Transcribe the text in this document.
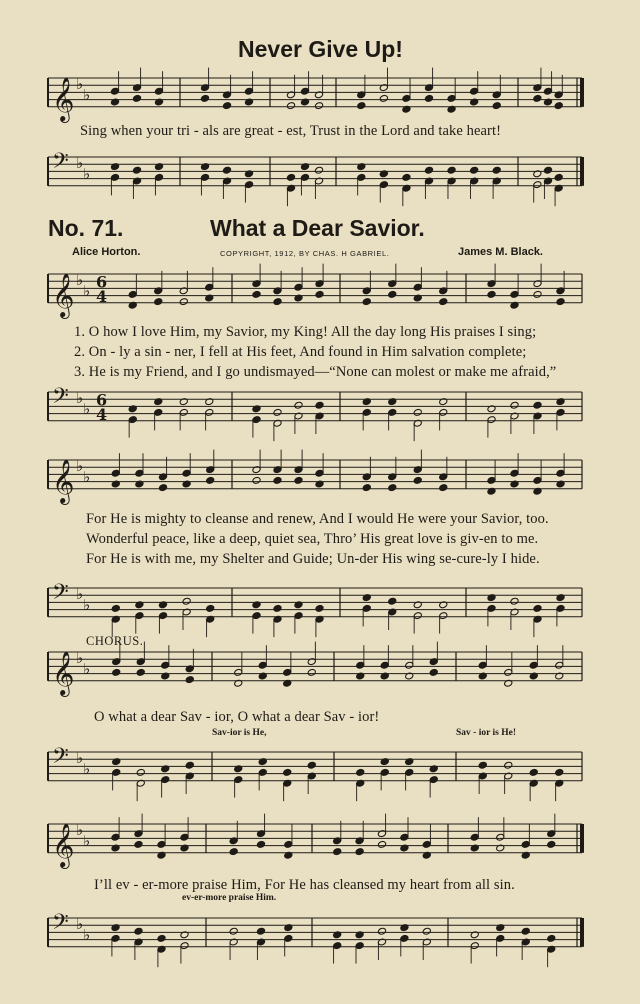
Never Give Up!
𝄞 ♭
♭
Sing when your tri - als are great - est, Trust in the Lord and take heart!
𝄢 ♭
♭
No. 71.	What a Dear Savior.
Alice Horton.	COPYRIGHT, 1912, BY CHAS. H GABRIEL.	James M. Black.
𝄞 ♭
♭ 6
4
1. O how I love Him, my Savior, my King! All the day long His praises I sing;
2. On - ly a sin - ner, I fell at His feet, And found in Him salvation complete;
3. He is my Friend, and I go undismayed—“None can molest or make me afraid,”
𝄢 ♭
♭ 6
4
𝄞 ♭
♭
For He is mighty to cleanse and renew, And I would He were your Savior, too.
Wonderful peace, like a deep, quiet sea, Thro’ His great love is giv-en to me.
For He is with me, my Shelter and Guide; Un-der His wing se-cure-ly I hide.
𝄢 ♭
♭
CHORUS.
𝄞 ♭
♭
O what a dear Sav - ior, O what a dear Sav - ior!
Sav-ior is He,	Sav - ior is He!
𝄢 ♭
♭
𝄞 ♭
♭
I’ll ev - er-more praise Him, For He has cleansed my heart from all sin.
ev-er-more praise Him.
𝄢 ♭
♭
